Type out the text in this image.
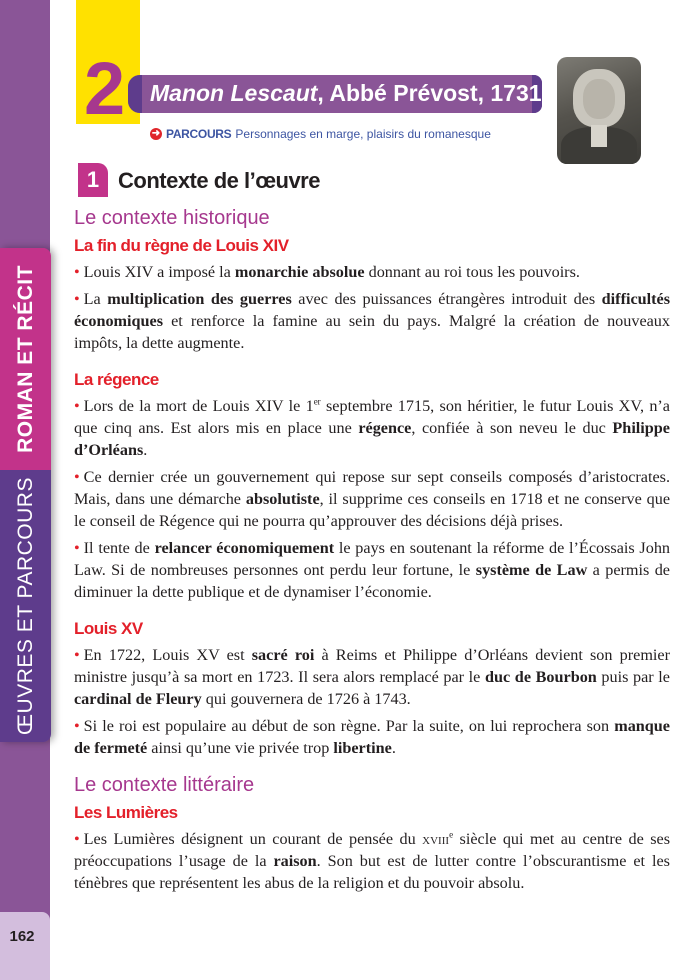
ROMAN ET RÉCIT
ŒUVRES ET PARCOURS
162
2 Manon Lescaut, Abbé Prévost, 1731
➜ PARCOURS Personnages en marge, plaisirs du romanesque
1 Contexte de l’œuvre
Le contexte historique
La fin du règne de Louis XIV

• Louis XIV a imposé la monarchie absolue donnant au roi tous les pouvoirs.

• La multiplication des guerres avec des puissances étrangères introduit des difficultés économiques et renforce la famine au sein du pays. Malgré la création de nouveaux impôts, la dette augmente.

La régence

• Lors de la mort de Louis XIV le 1er septembre 1715, son héritier, le futur Louis XV, n’a que cinq ans. Est alors mis en place une régence, confiée à son neveu le duc Philippe d’Orléans.

• Ce dernier crée un gouvernement qui repose sur sept conseils composés d’aristocrates. Mais, dans une démarche absolutiste, il supprime ces conseils en 1718 et ne conserve que le conseil de Régence qui ne pourra qu’approuver des décisions déjà prises.

• Il tente de relancer économiquement le pays en soutenant la réforme de l’Écossais John Law. Si de nombreuses personnes ont perdu leur fortune, le système de Law a permis de diminuer la dette publique et de dynamiser l’économie.

Louis XV

• En 1722, Louis XV est sacré roi à Reims et Philippe d’Orléans devient son premier ministre jusqu’à sa mort en 1723. Il sera alors remplacé par le duc de Bourbon puis par le cardinal de Fleury qui gouvernera de 1726 à 1743.

• Si le roi est populaire au début de son règne. Par la suite, on lui reprochera son manque de fermeté ainsi qu’une vie privée trop libertine.

Le contexte littéraire
Les Lumières

• Les Lumières désignent un courant de pensée du xviii$^e$ siècle qui met au centre de ses préoccupations l’usage de la raison. Son but est de lutter contre l’obscurantisme et les ténèbres que représentent les abus de la religion et du pouvoir absolu.
